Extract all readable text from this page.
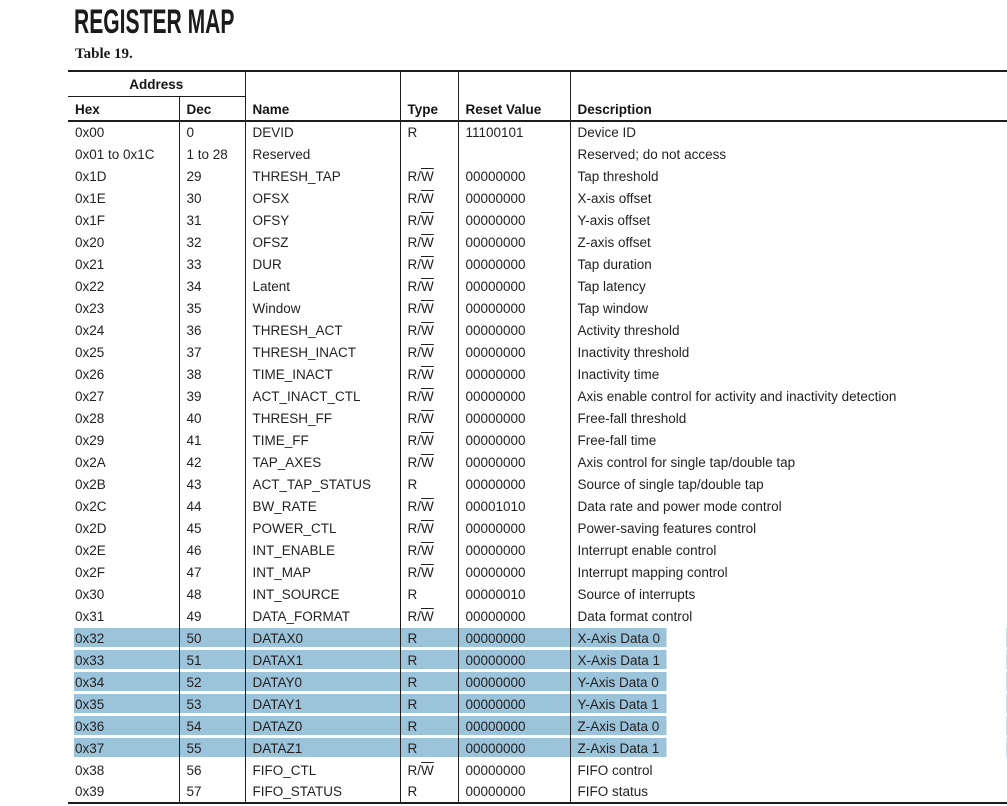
REGISTER MAP
Table 19.
Address		Name	Type	Reset Value	Description
Hex	Dec				
0x00	0	DEVID	R	11100101	Device ID
0x01 to 0x1C	1 to 28	Reserved			Reserved; do not access
0x1D	29	THRESH_TAP	$R/\overline{W}$	00000000	Tap threshold
0x1E	30	OFSX	$R/\overline{W}$	00000000	X-axis offset
0x1F	31	OFSY	$R/\overline{W}$	00000000	Y-axis offset
0x20	32	OFSZ	$R/\overline{W}$	00000000	Z-axis offset
0x21	33	DUR	$R/\overline{W}$	00000000	Tap duration
0x22	34	Latent	$R/\overline{W}$	00000000	Tap latency
0x23	35	Window	$R/\overline{W}$	00000000	Tap window
0x24	36	THRESH_ACT	$R/\overline{W}$	00000000	Activity threshold
0x25	37	THRESH_INACT	$R/\overline{W}$	00000000	Inactivity threshold
0x26	38	TIME_INACT	$R/\overline{W}$	00000000	Inactivity time
0x27	39	ACT_INACT_CTL	$R/\overline{W}$	00000000	Axis enable control for activity and inactivity detection
0x28	40	THRESH_FF	$R/\overline{W}$	00000000	Free-fall threshold
0x29	41	TIME_FF	$R/\overline{W}$	00000000	Free-fall time
0x2A	42	TAP_AXES	$R/\overline{W}$	00000000	Axis control for single tap/double tap
0x2B	43	ACT_TAP_STATUS	R	00000000	Source of single tap/double tap
0x2C	44	BW_RATE	$R/\overline{W}$	00001010	Data rate and power mode control
0x2D	45	POWER_CTL	$R/\overline{W}$	00000000	Power-saving features control
0x2E	46	INT_ENABLE	$R/\overline{W}$	00000000	Interrupt enable control
0x2F	47	INT_MAP	$R/\overline{W}$	00000000	Interrupt mapping control
0x30	48	INT_SOURCE	R	00000010	Source of interrupts
0x31	49	DATA_FORMAT	$R/\overline{W}$	00000000	Data format control
0x32	50	DATAX0	R	00000000	X-Axis Data 0
0x33	51	DATAX1	R	00000000	X-Axis Data 1
0x34	52	DATAY0	R	00000000	Y-Axis Data 0
0x35	53	DATAY1	R	00000000	Y-Axis Data 1
0x36	54	DATAZ0	R	00000000	Z-Axis Data 0
0x37	55	DATAZ1	R	00000000	Z-Axis Data 1
0x38	56	FIFO_CTL	$R/\overline{W}$	00000000	FIFO control
0x39	57	FIFO_STATUS	R	00000000	FIFO status
